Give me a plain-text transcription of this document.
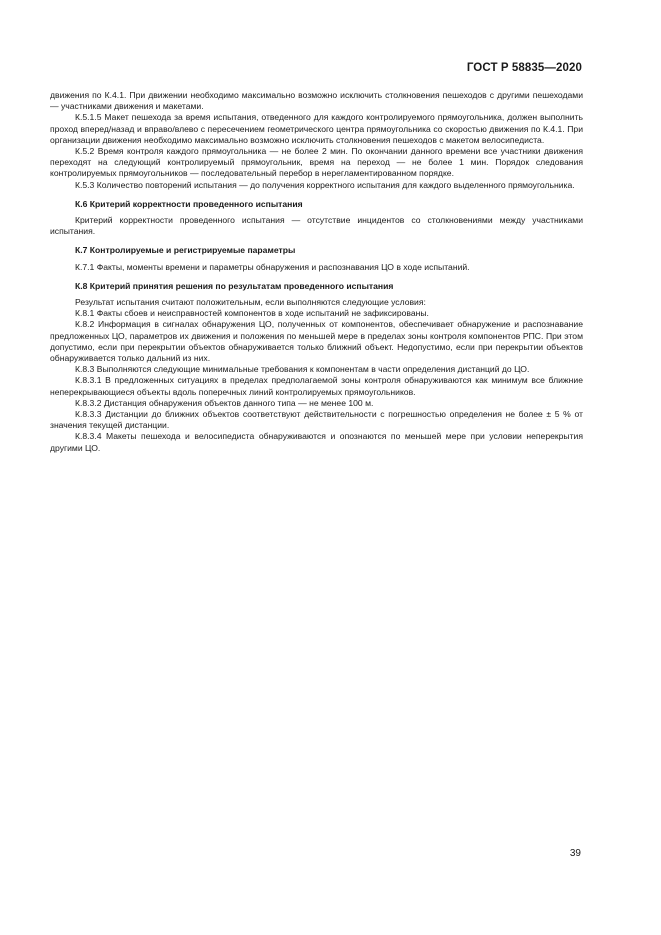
ГОСТ Р 58835—2020

движения по К.4.1. При движении необходимо максимально возможно исключить столкновения пешеходов с другими пешеходами — участниками движения и макетами.

К.5.1.5 Макет пешехода за время испытания, отведенного для каждого контролируемого прямоугольника, должен выполнить проход вперед/назад и вправо/влево с пересечением геометрического центра прямоугольника со скоростью движения по К.4.1. При организации движения необходимо максимально возможно исключить столкновения пешеходов с макетом велосипедиста.

К.5.2 Время контроля каждого прямоугольника — не более 2 мин. По окончании данного времени все участники движения переходят на следующий контролируемый прямоугольник, время на переход — не более 1 мин. Порядок следования контролируемых прямоугольников — последовательный перебор в нерегламентированном порядке.

К.5.3 Количество повторений испытания — до получения корректного испытания для каждого выделенного прямоугольника.

К.6 Критерий корректности проведенного испытания

Критерий корректности проведенного испытания — отсутствие инцидентов со столкновениями между участниками испытания.

К.7 Контролируемые и регистрируемые параметры

К.7.1 Факты, моменты времени и параметры обнаружения и распознавания ЦО в ходе испытаний.

К.8 Критерий принятия решения по результатам проведенного испытания

Результат испытания считают положительным, если выполняются следующие условия:

К.8.1 Факты сбоев и неисправностей компонентов в ходе испытаний не зафиксированы.

К.8.2 Информация в сигналах обнаружения ЦО, полученных от компонентов, обеспечивает обнаружение и распознавание предложенных ЦО, параметров их движения и положения по меньшей мере в пределах зоны контроля компонентов РПС. При этом допустимо, если при перекрытии объектов обнаруживается только ближний объект. Недопустимо, если при перекрытии объектов обнаруживается только дальний из них.

К.8.3 Выполняются следующие минимальные требования к компонентам в части определения дистанций до ЦО.

К.8.3.1 В предложенных ситуациях в пределах предполагаемой зоны контроля обнаруживаются как минимум все ближние неперекрывающиеся объекты вдоль поперечных линий контролируемых прямоугольников.

К.8.3.2 Дистанция обнаружения объектов данного типа — не менее 100 м.

К.8.3.3 Дистанции до ближних объектов соответствуют действительности с погрешностью определения не более ± 5 % от значения текущей дистанции.

К.8.3.4 Макеты пешехода и велосипедиста обнаруживаются и опознаются по меньшей мере при условии неперекрытия другими ЦО.

39
